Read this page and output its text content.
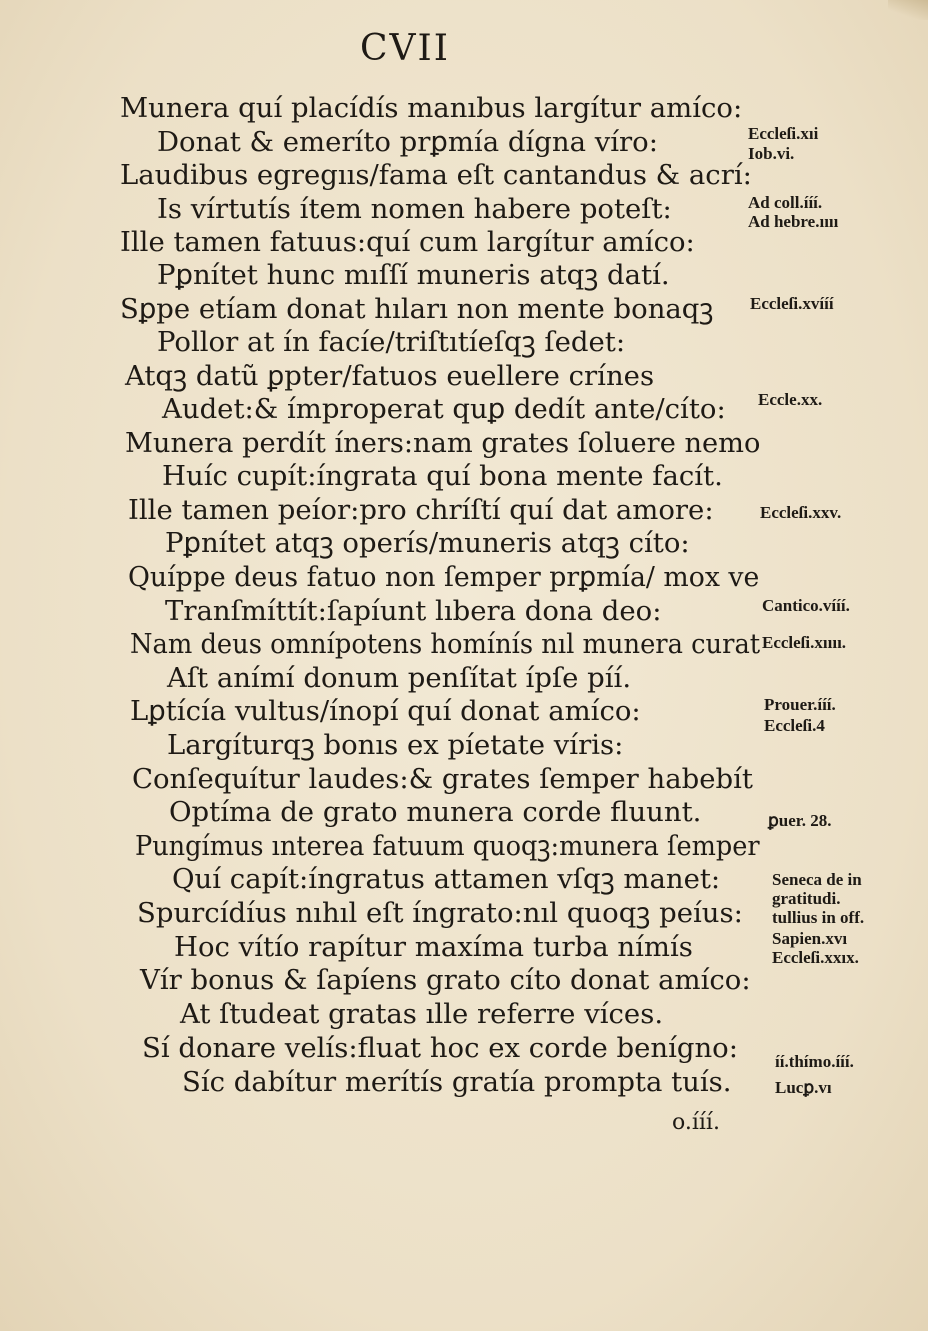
CVII
Munera quí placídís manıbus largítur amíco:
Donat & emeríto prꝑmía dígna víro:
Laudibus egregııs/fama eſt cantandus & acrí:
Is vírtutís ítem nomen habere poteſt:
Ille tamen fatuus:quí cum largítur amíco:
Pꝑnítet hunc mıſſí muneris atqꝫ datí.
Sꝑpe etíam donat hıları non mente bonaqꝫ
Pollor at ín facíe/triſtıtíeſqꝫ ſedet:
Atqꝫ datũ ꝑpter/fatuos euellere crínes
Audet:& ímproperat quꝑ dedít ante/cíto:
Munera perdít íners:nam grates ſoluere nemo
Huíc cupít:íngrata quí bona mente facít.
Ille tamen peíor:pro chríſtí quí dat amore:
Pꝑnítet atqꝫ operís/muneris atqꝫ cíto:
Quíppe deus fatuo non ſemper prꝑmía/ mox ve
Tranſmíttít:ſapíunt lıbera dona deo:
Nam deus omnípotens homínís nıl munera curat
Aſt anímí donum penſítat ípſe píí.
Lꝑtícía vultus/ínopí quí donat amíco:
Largíturqꝫ bonıs ex píetate víris:
Conſequítur laudes:& grates ſemper habebít
Optíma de grato munera corde fluunt.
Pungímus ınterea fatuum quoqꝫ:munera ſemper
Quí capít:íngratus attamen vſqꝫ manet:
Spurcídíus nıhıl eſt íngrato:nıl quoqꝫ peíus:
Hoc vítío rapítur maxíma turba nímís
Vír bonus & ſapíens grato cíto donat amíco:
At ſtudeat gratas ılle referre víces.
Sí donare velís:fluat hoc ex corde benígno:
Síc dabítur merítís gratía prompta tuís.
Eccleſi.xıi
Iob.vi.
Ad coll.ííí.
Ad hebre.ıııı
Eccleſi.xvííí
Eccle.xx.
Eccleſi.xxv.
Cantico.vííí.
Eccleſi.xıııı.
Prouer.ííí.
Eccleſi.4
ꝑuer. 28.
Seneca de in
gratitudi.
tullius in off.
Sapien.xvı
Eccleſi.xxıx.
íí.thímo.ííí.
Lucꝑ.vı
o.ííí.
